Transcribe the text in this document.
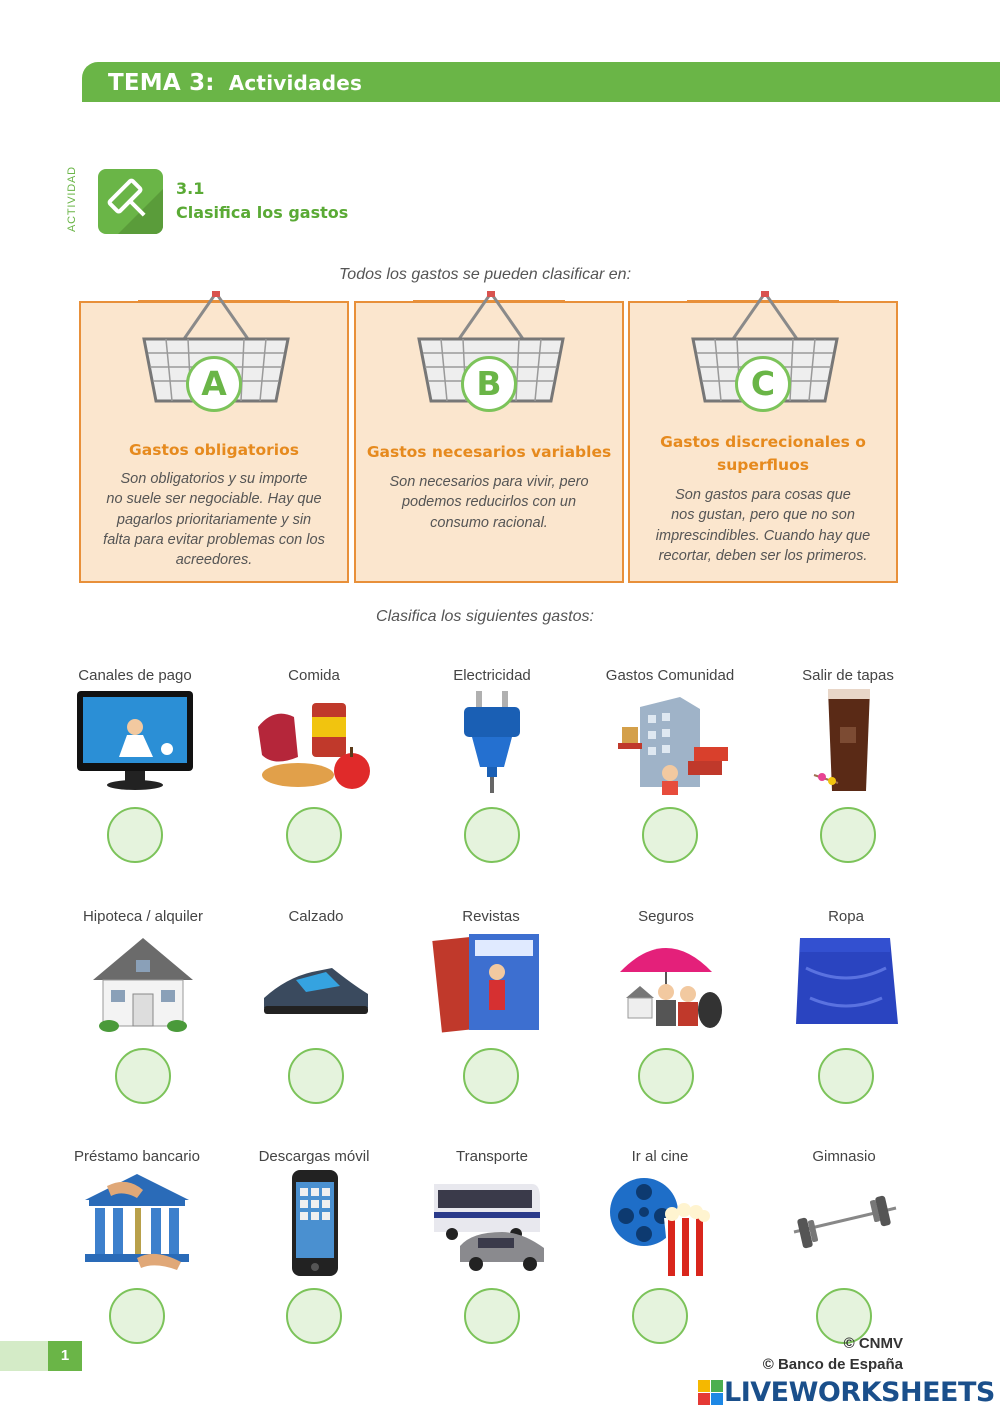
TEMA 3: Actividades
ACTIVIDAD	3.1
Clasifica los gastos
Todos los gastos se pueden clasificar en:
A
Gastos obligatorios
Son obligatorios y su importe
no suele ser negociable. Hay que
pagarlos prioritariamente y sin
falta para evitar problemas con los
acreedores.
B
Gastos necesarios variables
Son necesarios para vivir, pero
podemos reducirlos con un
consumo racional.
C
Gastos discrecionales o
superfluos
Son gastos para cosas que
nos gustan, pero que no son
imprescindibles. Cuando hay que
recortar, deben ser los primeros.
Clasifica los siguientes gastos:
Canales de pago	Comida	Electricidad	Gastos Comunidad	Salir de tapas
Hipoteca / alquiler	Calzado	Revistas	Seguros	Ropa
Préstamo bancario	Descargas móvil	Transporte	Ir al cine	Gimnasio
1
© CNMV
© Banco de España
LIVEWORKSHEETS
